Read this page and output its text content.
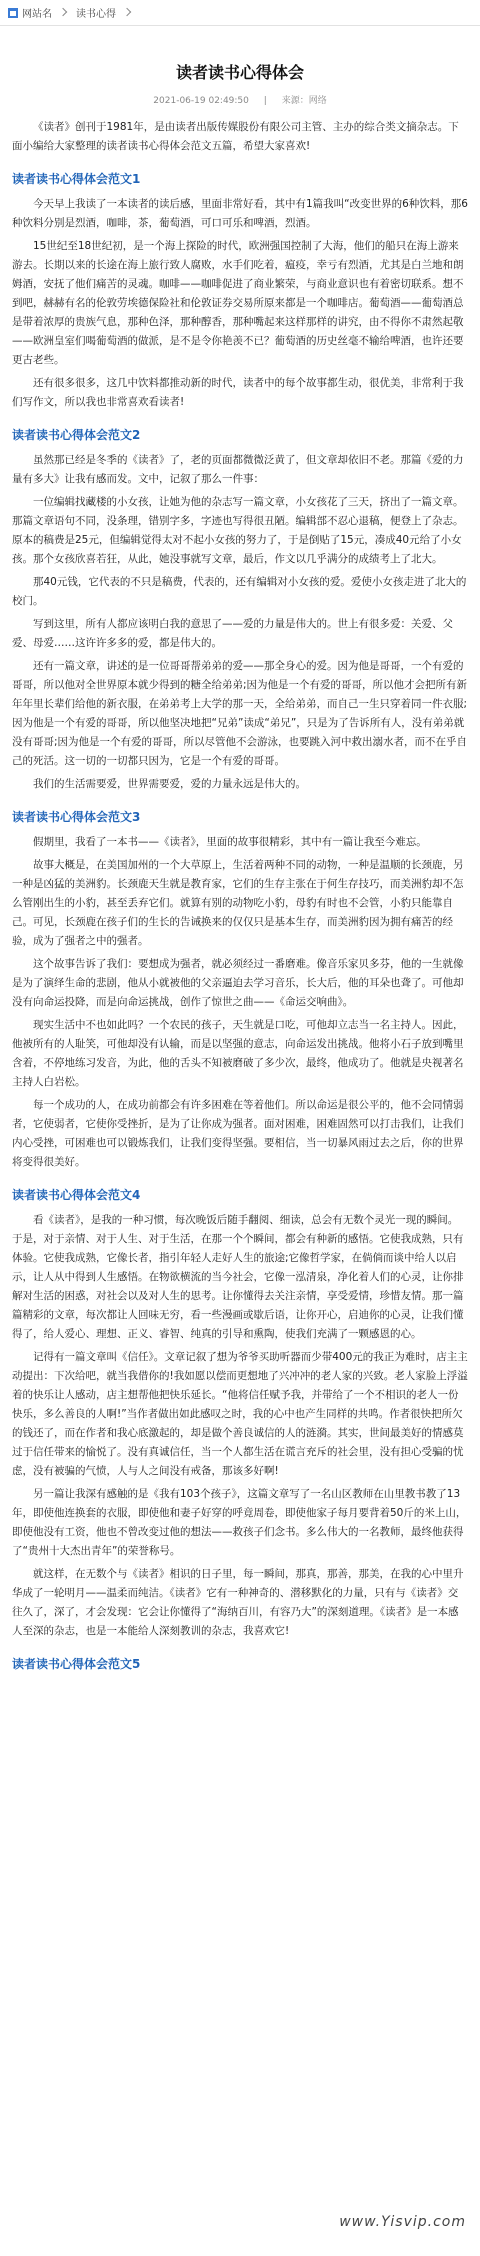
网站名 读书心得
读者读书心得体会
2021-06-19 02:49:50 | 来源：网络

《读者》创刊于1981年，是由读者出版传媒股份有限公司主管、主办的综合类文摘杂志。下面小编给大家整理的读者读书心得体会范文五篇，希望大家喜欢!

读者读书心得体会范文1

今天早上我读了一本读者的读后感，里面非常好看，其中有1篇我叫“改变世界的6种饮料，那6种饮料分别是烈酒，咖啡，茶，葡萄酒，可口可乐和啤酒，烈酒。

15世纪至18世纪初，是一个海上探险的时代，欧洲强国控制了大海，他们的船只在海上游来游去。长期以来的长途在海上旅行致人腐败，水手们吃着，瘟疫，幸亏有烈酒，尤其是白兰地和朗姆酒，安抚了他们痛苦的灵魂。咖啡——咖啡促进了商业繁荣，与商业意识也有着密切联系。想不到吧，赫赫有名的伦敦劳埃德保险社和伦敦证券交易所原来都是一个咖啡店。葡萄酒——葡萄酒总是带着浓厚的贵族气息，那种色泽，那种醇香，那种嘴起来这样那样的讲究，由不得你不肃然起敬——欧洲皇室们喝葡萄酒的做派，是不是令你艳羡不已？葡萄酒的历史丝毫不输给啤酒，也许还要更古老些。

还有很多很多，这几中饮料都推动新的时代，读者中的每个故事都生动，很优美，非常利于我们写作文，所以我也非常喜欢看读者!

读者读书心得体会范文2

虽然那已经是冬季的《读者》了，老的页面都微微泛黄了，但文章却依旧不老。那篇《爱的力量有多大》让我有感而发。文中，记叙了那么一件事：

一位编辑找藏楼的小女孩，让她为他的杂志写一篇文章，小女孩花了三天，挤出了一篇文章。那篇文章语句不同，没条理，错别字多，字迹也写得很丑陋。编辑部不忍心退稿，便登上了杂志。原本的稿费是25元，但编辑觉得太对不起小女孩的努力了，于是倒贴了15元，凑成40元给了小女孩。那个女孩欣喜若狂，从此，她没事就写文章，最后，作文以几乎满分的成绩考上了北大。

那40元钱，它代表的不只是稿费，代表的，还有编辑对小女孩的爱。爱使小女孩走进了北大的校门。

写到这里，所有人都应该明白我的意思了——爱的力量是伟大的。世上有很多爱：关爱、父爱、母爱……这许许多多的爱，都是伟大的。

还有一篇文章，讲述的是一位哥哥帮弟弟的爱——那全身心的爱。因为他是哥哥，一个有爱的哥哥，所以他对全世界原本就少得到的糖全给弟弟;因为他是一个有爱的哥哥，所以他才会把所有新年年里长辈们给他的新衣服，在弟弟考上大学的那一天，全给弟弟，而自己一生只穿着同一件衣服;因为他是一个有爱的哥哥，所以他坚决地把“兄弟”读成“弟兄”，只是为了告诉所有人，没有弟弟就没有哥哥;因为他是一个有爱的哥哥，所以尽管他不会游泳，也要跳入河中救出溺水者，而不在乎自己的死活。这一切的一切都只因为，它是一个有爱的哥哥。

我们的生活需要爱，世界需要爱，爱的力量永远是伟大的。

读者读书心得体会范文3

假期里，我看了一本书——《读者》，里面的故事很精彩，其中有一篇让我至今难忘。

故事大概是，在美国加州的一个大草原上，生活着两种不同的动物，一种是温顺的长颈鹿，另一种是凶猛的美洲豹。长颈鹿天生就是教育家，它们的生存主张在于何生存技巧，而美洲豹却不怎么管刚出生的小豹，甚至丢弃它们。就算有别的动物吃小豹，母豹有时也不会管，小豹只能靠自己。可见，长颈鹿在孩子们的生长的告诫换来的仅仅只是基本生存，而美洲豹因为拥有痛苦的经验，成为了强者之中的强者。

这个故事告诉了我们：要想成为强者，就必须经过一番磨难。像音乐家贝多芬，他的一生就像是为了演绎生命的悲剧，他从小就被他的父亲逼迫去学习音乐，长大后，他的耳朵也聋了。可他却没有向命运投降，而是向命运挑战，创作了惊世之曲——《命运交响曲》。

现实生活中不也如此吗？一个农民的孩子，天生就是口吃，可他却立志当一名主持人。因此，他被所有的人耻笑，可他却没有认输，而是以坚强的意志，向命运发出挑战。他将小石子放到嘴里含着，不停地练习发音，为此，他的舌头不知被磨破了多少次，最终，他成功了。他就是央视著名主持人白岩松。

每一个成功的人，在成功前都会有许多困难在等着他们。所以命运是很公平的，他不会同情弱者，它使弱者，它使你受挫折，是为了让你成为强者。面对困难，困难固然可以打击我们，让我们内心受挫，可困难也可以锻炼我们，让我们变得坚强。要相信，当一切暴风雨过去之后，你的世界将变得很美好。

读者读书心得体会范文4

看《读者》，是我的一种习惯，每次晚饭后随手翻阅、细读，总会有无数个灵光一现的瞬间。于是，对于亲情、对于人生、对于生活，在那一个个瞬间，都会有种新的感悟。它使我成熟，只有体验。它使我成熟，它像长者，指引年轻人走好人生的旅途;它像哲学家，在倘倘而谈中给人以启示，让人从中得到人生感悟。在物欲横流的当今社会，它像一泓清泉，净化着人们的心灵，让你排解对生活的困惑，对社会以及对人生的思考。让你懂得去关注亲情，享受爱情，珍惜友情。那一篇篇精彩的文章，每次都让人回味无穷，看一些漫画或歇后语，让你开心，启迪你的心灵，让我们懂得了，给人爱心、理想、正义、睿智、纯真的引导和熏陶，使我们充满了一颗感恩的心。

记得有一篇文章叫《信任》。文章记叙了想为爷爷买助听器而少带400元的我正为难时，店主主动提出：下次给吧，就当我借你的!我如愿以偿而更想地了兴冲冲的老人家的兴致。老人家脸上浮溢着的快乐让人感动，店主想帮他把快乐延长。“他将信任赋予我，并带给了一个不相识的老人一份快乐，多么善良的人啊!”当作者做出如此感叹之时，我的心中也产生同样的共鸣。作者很快把所欠的钱还了，而在作者和我心底激起的，却是做个善良诚信的人的涟漪。其实，世间最美好的情感莫过于信任带来的愉悦了。没有真诚信任，当一个人都生活在谎言充斥的社会里，没有担心受骗的忧虑，没有被骗的气愤，人与人之间没有戒备，那该多好啊!

另一篇让我深有感触的是《我有103个孩子》，这篇文章写了一名山区教师在山里教书教了13年，即使他连换套的衣服，即使他和妻子好穿的呼竟周卷，即使他家子每月要背着50斤的米上山，即使他没有工资，他也不曾改变过他的想法——救孩子们念书。多么伟大的一名教师，最终他获得了“贵州十大杰出青年”的荣誉称号。

就这样，在无数个与《读者》相识的日子里，每一瞬间，那真，那善，那美，在我的心中里升华成了一轮明月——温柔而纯洁。《读者》它有一种神奇的、潜移默化的力量，只有与《读者》交往久了，深了，才会发现：它会让你懂得了“海纳百川，有容乃大”的深刻道理。《读者》是一本感人至深的杂志，也是一本能给人深刻教训的杂志，我喜欢它!

读者读书心得体会范文5
www.Yisvip.com
